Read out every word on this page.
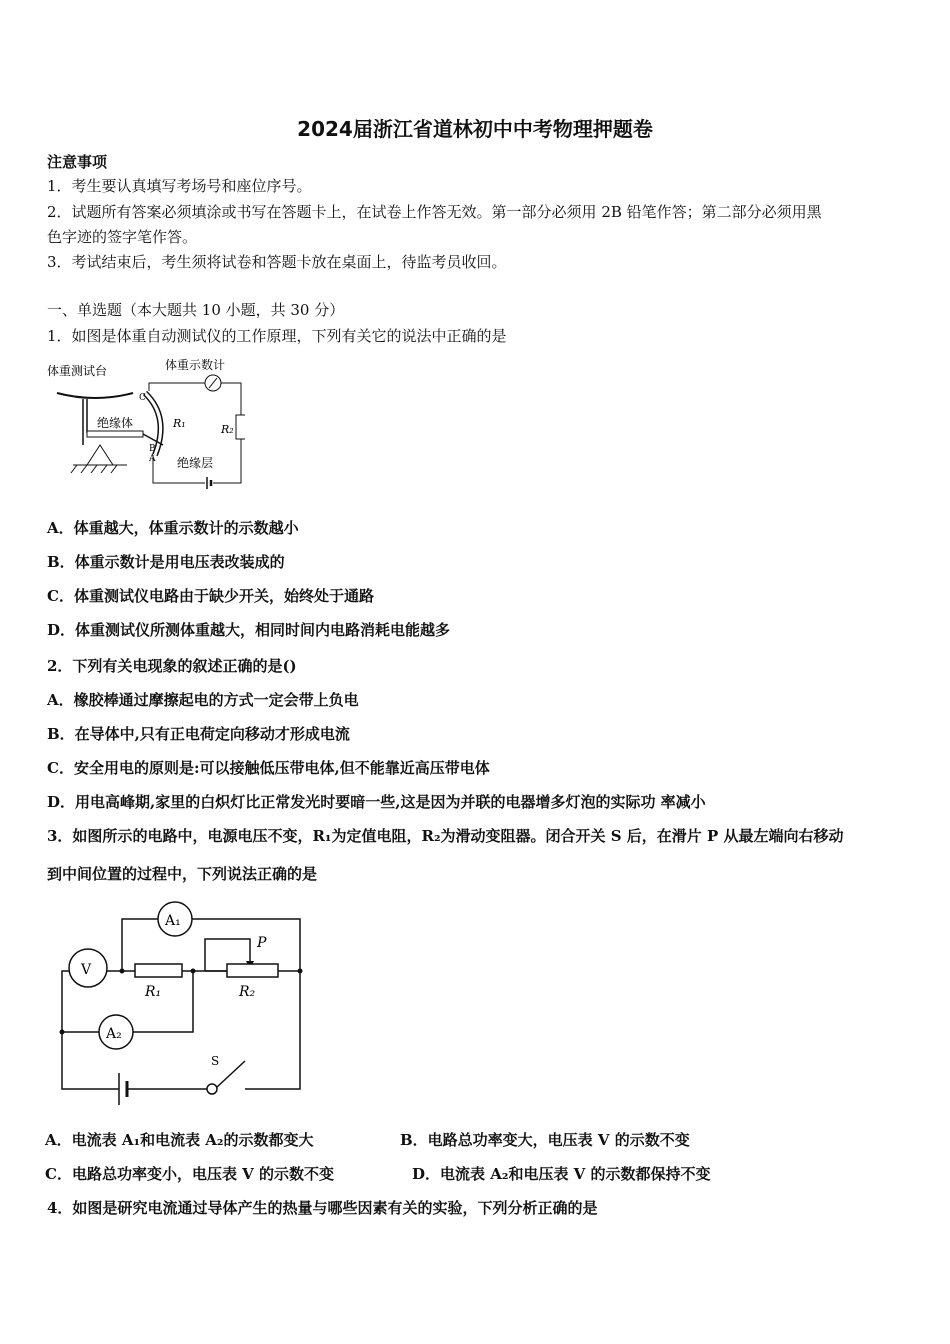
2024届浙江省道林初中中考物理押题卷
注意事项
1．考生要认真填写考场号和座位序号。
2．试题所有答案必须填涂或书写在答题卡上，在试卷上作答无效。第一部分必须用 2B 铅笔作答；第二部分必须用黑
色字迹的签字笔作答。
3．考试结束后，考生须将试卷和答题卡放在桌面上，待监考员收回。
一、单选题（本大题共 10 小题，共 30 分）
1．如图是体重自动测试仪的工作原理，下列有关它的说法中正确的是
体重测试台	体重示数计
绝缘体
C
R₁
A
B
绝缘层
R₂
A．体重越大，体重示数计的示数越小
B．体重示数计是用电压表改装成的
C．体重测试仪电路由于缺少开关，始终处于通路
D．体重测试仪所测体重越大，相同时间内电路消耗电能越多
2．下列有关电现象的叙述正确的是()
A．橡胶棒通过摩擦起电的方式一定会带上负电
B．在导体中,只有正电荷定向移动才形成电流
C．安全用电的原则是:可以接触低压带电体,但不能靠近高压带电体
D．用电高峰期,家里的白炽灯比正常发光时要暗一些,这是因为并联的电器增多灯泡的实际功 率减小
3．如图所示的电路中，电源电压不变，R₁为定值电阻，R₂为滑动变阻器。闭合开关 S 后，在滑片 P 从最左端向右移动
到中间位置的过程中，下列说法正确的是
A₁
V
A₂
R₁	R₂
P
S
A．电流表 A₁和电流表 A₂的示数都变大	B．电路总功率变大，电压表 V 的示数不变
C．电路总功率变小，电压表 V 的示数不变	D．电流表 A₂和电压表 V 的示数都保持不变
4．如图是研究电流通过导体产生的热量与哪些因素有关的实验，下列分析正确的是
